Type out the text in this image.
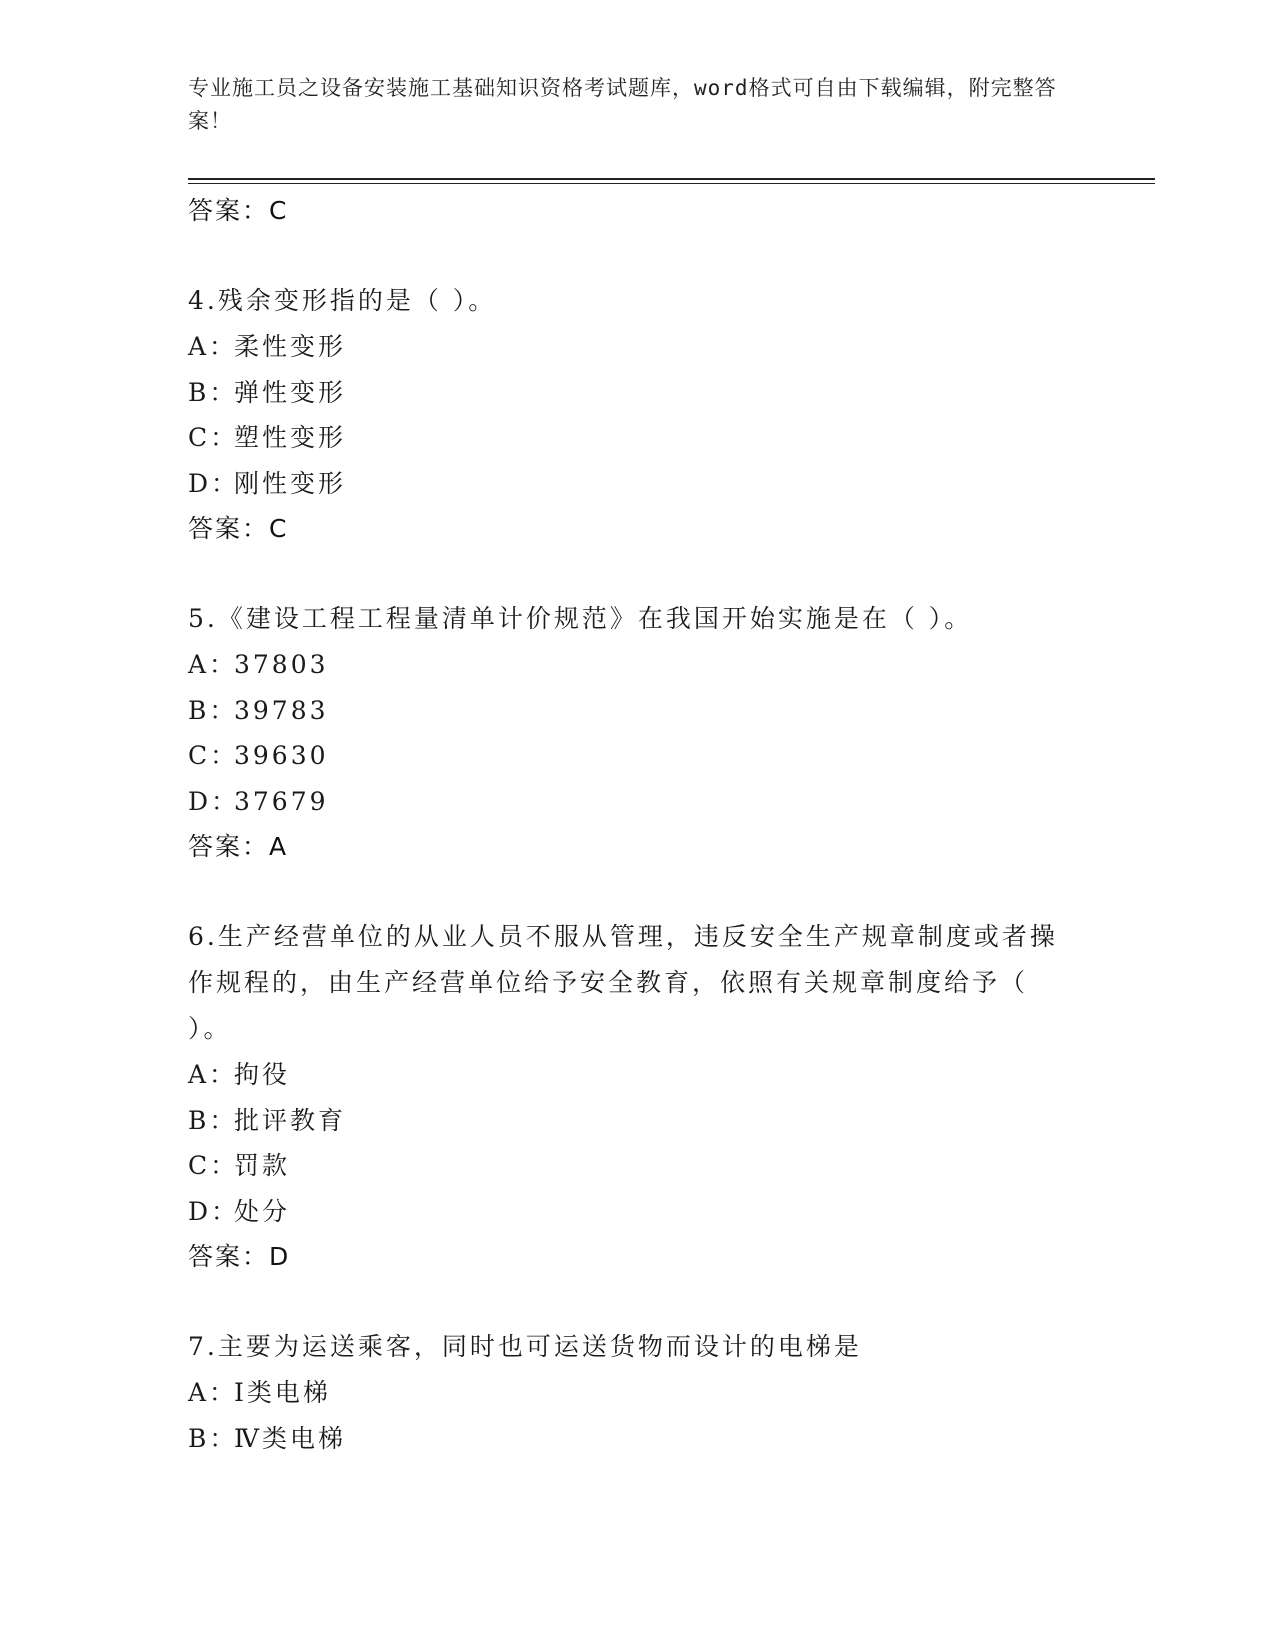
专业施工员之设备安装施工基础知识资格考试题库，word格式可自由下载编辑，附完整答案！
答案：C
4.残余变形指的是（ ）。
A：柔性变形
B：弹性变形
C：塑性变形
D：刚性变形
答案：C
5.《建设工程工程量清单计价规范》在我国开始实施是在（ ）。
A：37803
B：39783
C：39630
D：37679
答案：A
6.生产经营单位的从业人员不服从管理，违反安全生产规章制度或者操作规程的，由生产经营单位给予安全教育，依照有关规章制度给予（ ）。
A：拘役
B：批评教育
C：罚款
D：处分
答案：D
7.主要为运送乘客，同时也可运送货物而设计的电梯是
A：Ⅰ类电梯
B：Ⅳ类电梯
